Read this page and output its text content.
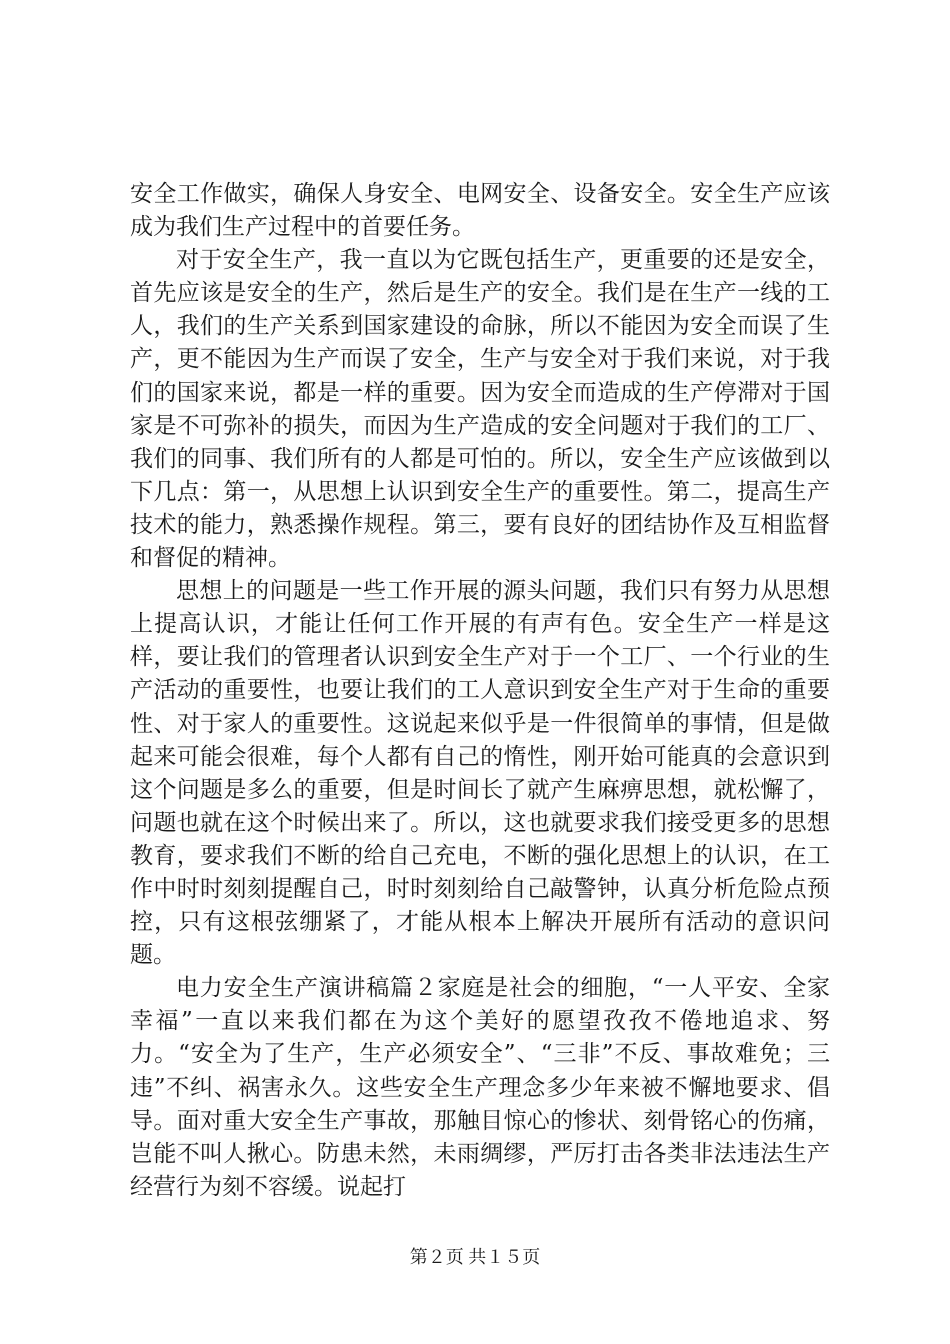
安全工作做实，确保人身安全、电网安全、设备安全。安全生产应该成为我们生产过程中的首要任务。

对于安全生产，我一直以为它既包括生产，更重要的还是安全，首先应该是安全的生产，然后是生产的安全。我们是在生产一线的工人，我们的生产关系到国家建设的命脉，所以不能因为安全而误了生产，更不能因为生产而误了安全，生产与安全对于我们来说，对于我们的国家来说，都是一样的重要。因为安全而造成的生产停滞对于国家是不可弥补的损失，而因为生产造成的安全问题对于我们的工厂、我们的同事、我们所有的人都是可怕的。所以，安全生产应该做到以下几点：第一，从思想上认识到安全生产的重要性。第二，提高生产技术的能力，熟悉操作规程。第三，要有良好的团结协作及互相监督和督促的精神。

思想上的问题是一些工作开展的源头问题，我们只有努力从思想上提高认识，才能让任何工作开展的有声有色。安全生产一样是这样，要让我们的管理者认识到安全生产对于一个工厂、一个行业的生产活动的重要性，也要让我们的工人意识到安全生产对于生命的重要性、对于家人的重要性。这说起来似乎是一件很简单的事情，但是做起来可能会很难，每个人都有自己的惰性，刚开始可能真的会意识到这个问题是多么的重要，但是时间长了就产生麻痹思想，就松懈了，问题也就在这个时候出来了。所以，这也就要求我们接受更多的思想教育，要求我们不断的给自己充电，不断的强化思想上的认识，在工作中时时刻刻提醒自己，时时刻刻给自己敲警钟，认真分析危险点预控，只有这根弦绷紧了，才能从根本上解决开展所有活动的意识问题。

电力安全生产演讲稿篇２家庭是社会的细胞，“一人平安、全家幸福”一直以来我们都在为这个美好的愿望孜孜不倦地追求、努力。“安全为了生产，生产必须安全”、“三非”不反、事故难免；三违”不纠、祸害永久。这些安全生产理念多少年来被不懈地要求、倡导。面对重大安全生产事故，那触目惊心的惨状、刻骨铭心的伤痛，岂能不叫人揪心。防患未然，未雨绸缪，严厉打击各类非法违法生产经营行为刻不容缓。说起打

第２页 共１５页
